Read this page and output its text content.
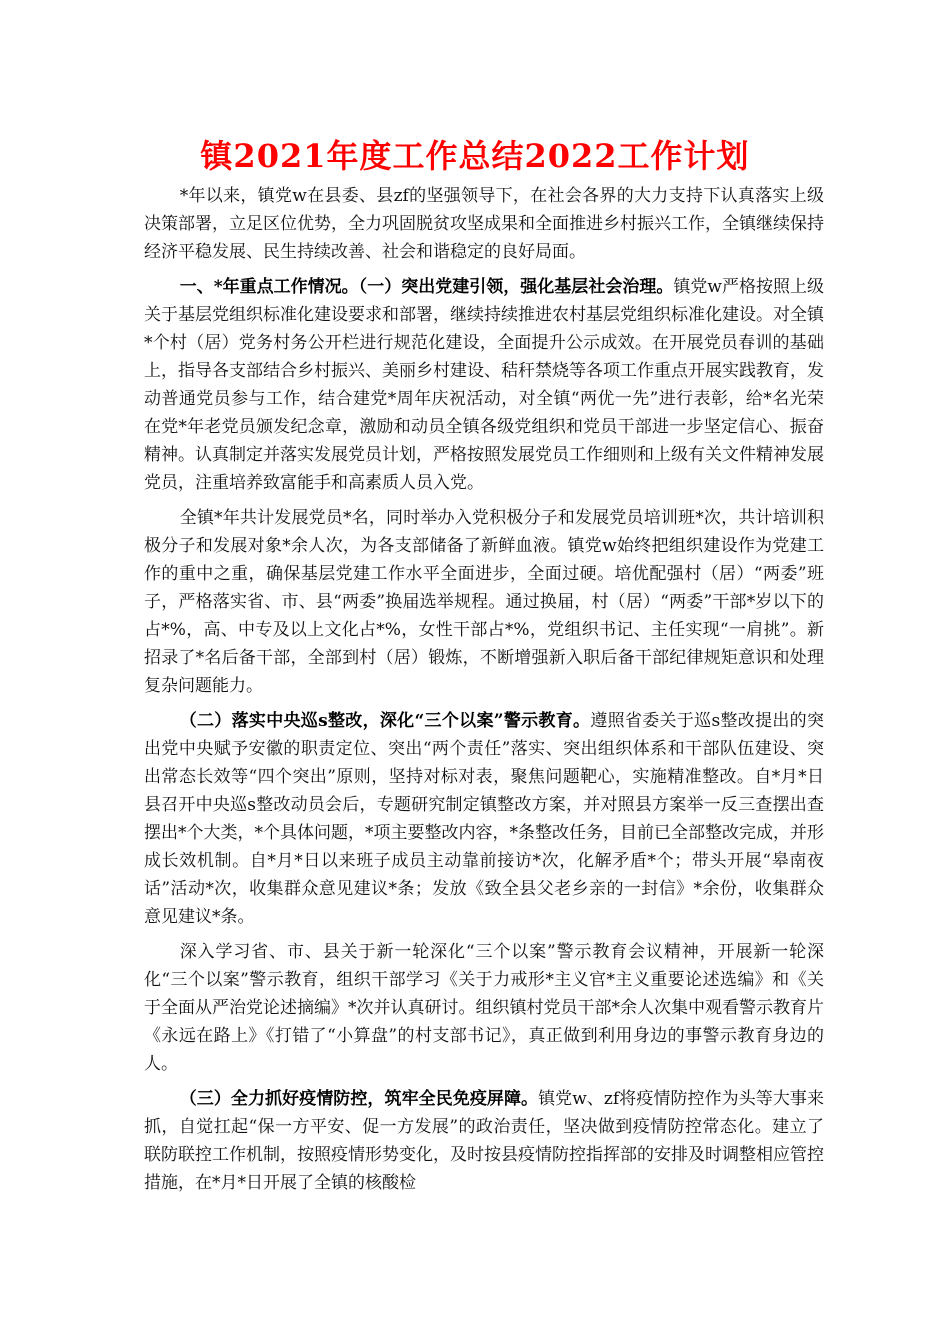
镇2021年度工作总结2022工作计划

*年以来，镇党w在县委、县zf的坚强领导下，在社会各界的大力支持下认真落实上级决策部署，立足区位优势，全力巩固脱贫攻坚成果和全面推进乡村振兴工作，全镇继续保持经济平稳发展、民生持续改善、社会和谐稳定的良好局面。

一、*年重点工作情况。（一）突出党建引领，强化基层社会治理。镇党w严格按照上级关于基层党组织标准化建设要求和部署，继续持续推进农村基层党组织标准化建设。对全镇*个村（居）党务村务公开栏进行规范化建设，全面提升公示成效。在开展党员春训的基础上，指导各支部结合乡村振兴、美丽乡村建设、秸秆禁烧等各项工作重点开展实践教育，发动普通党员参与工作，结合建党*周年庆祝活动，对全镇“两优一先”进行表彰，给*名光荣在党*年老党员颁发纪念章，激励和动员全镇各级党组织和党员干部进一步坚定信心、振奋精神。认真制定并落实发展党员计划，严格按照发展党员工作细则和上级有关文件精神发展党员，注重培养致富能手和高素质人员入党。

全镇*年共计发展党员*名，同时举办入党积极分子和发展党员培训班*次，共计培训积极分子和发展对象*余人次，为各支部储备了新鲜血液。镇党w始终把组织建设作为党建工作的重中之重，确保基层党建工作水平全面进步，全面过硬。培优配强村（居）“两委”班子，严格落实省、市、县“两委”换届选举规程。通过换届，村（居）“两委”干部*岁以下的占*%，高、中专及以上文化占*%，女性干部占*%，党组织书记、主任实现“一肩挑”。新招录了*名后备干部，全部到村（居）锻炼，不断增强新入职后备干部纪律规矩意识和处理复杂问题能力。

（二）落实中央巡s整改，深化“三个以案”警示教育。遵照省委关于巡s整改提出的突出党中央赋予安徽的职责定位、突出“两个责任”落实、突出组织体系和干部队伍建设、突出常态长效等“四个突出”原则，坚持对标对表，聚焦问题靶心，实施精准整改。自*月*日县召开中央巡s整改动员会后，专题研究制定镇整改方案，并对照县方案举一反三查摆出查摆出*个大类，*个具体问题，*项主要整改内容，*条整改任务，目前已全部整改完成，并形成长效机制。自*月*日以来班子成员主动靠前接访*次，化解矛盾*个；带头开展“皋南夜话”活动*次，收集群众意见建议*条；发放《致全县父老乡亲的一封信》*余份，收集群众意见建议*条。

深入学习省、市、县关于新一轮深化“三个以案”警示教育会议精神，开展新一轮深化“三个以案”警示教育，组织干部学习《关于力戒形*主义官*主义重要论述选编》和《关于全面从严治党论述摘编》*次并认真研讨。组织镇村党员干部*余人次集中观看警示教育片《永远在路上》《打错了“小算盘”的村支部书记》，真正做到利用身边的事警示教育身边的人。

（三）全力抓好疫情防控，筑牢全民免疫屏障。镇党w、zf将疫情防控作为头等大事来抓，自觉扛起“保一方平安、促一方发展”的政治责任，坚决做到疫情防控常态化。建立了联防联控工作机制，按照疫情形势变化，及时按县疫情防控指挥部的安排及时调整相应管控措施，在*月*日开展了全镇的核酸检
